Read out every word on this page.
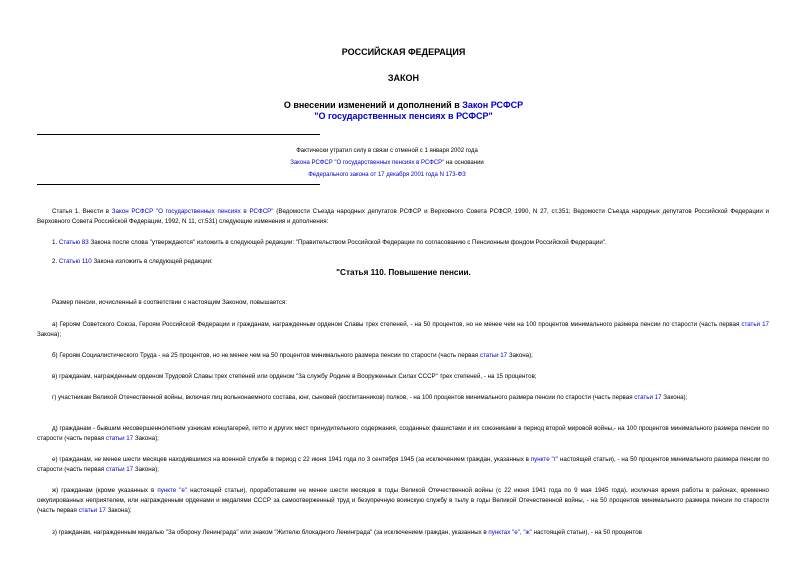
РОССИЙСКАЯ ФЕДЕРАЦИЯ
ЗАКОН
О внесении изменений и дополнений в Закон РСФСР
"О государственных пенсиях в РСФСР"
Фактически утратил силу в связи с отменой с 1 января 2002 года
Закона РСФСР "О государственных пенсиях в РСФСР" на основании
Федерального закона от 17 декабря 2001 года N 173-ФЗ
Статья 1. Внести в Закон РСФСР "О государственных пенсиях в РСФСР" (Ведомости Съезда народных депутатов РСФСР и Верховного Совета РСФСР, 1990, N 27, ст.351; Ведомости Съезда народных депутатов Российской Федерации и Верховного Совета Российской Федерации, 1992, N 11, ст.531) следующие изменения и дополнения:
1. Статью 83 Закона после слова "утверждаются" изложить в следующей редакции: "Правительством Российской Федерации по согласованию с Пенсионным фондом Российской Федерации".
2. Статью 110 Закона изложить в следующей редакции:
"Статья 110. Повышение пенсии.
Размер пенсии, исчисленный в соответствии с настоящим Законом, повышается:
а) Героям Советского Союза, Героям Российской Федерации и гражданам, награжденным орденом Славы трех степеней, - на 50 процентов, но не менее чем на 100 процентов минимального размера пенсии по старости (часть первая статьи 17 Закона);
б) Героям Социалистического Труда - на 25 процентов, но не менее чем на 50 процентов минимального размера пенсии по старости (часть первая статьи 17 Закона);
в) гражданам, награжденным орденом Трудовой Славы трех степеней или орденом "За службу Родине в Вооруженных Силах СССР" трех степеней, - на 15 процентов;
г) участникам Великой Отечественной войны, включая лиц вольнонаемного состава, юнг, сыновей (воспитанников) полков, - на 100 процентов минимального размера пенсии по старости (часть первая статьи 17 Закона);
д) гражданам - бывшим несовершеннолетним узникам концлагерей, гетто и других мест принудительного содержания, созданных фашистами и их союзниками в период второй мировой войны,- на 100 процентов минимального размера пенсии по старости (часть первая статьи 17 Закона);
е) гражданам, не менее шести месяцев находившимся на военной службе в период с 22 июня 1941 года по 3 сентября 1945 (за исключением граждан, указанных в пункте "г" настоящей статьи), - на 50 процентов минимального размера пенсии по старости (часть первая статьи 17 Закона);
ж) гражданам (кроме указанных в пункте "е" настоящей статьи), проработавшим не менее шести месяцев в годы Великой Отечественной войны (с 22 июня 1941 года по 9 мая 1945 года), исключая время работы в районах, временно оккупированных неприятелем, или награжденным орденами и медалями СССР за самоотверженный труд и безупречную воинскую службу в тылу в годы Великой Отечественной войны, - на 50 процентов минимального размера пенсии по старости (часть первая статьи 17 Закона);
з) гражданам, награжденным медалью "За оборону Ленинграда" или знаком "Жителю блокадного Ленинграда" (за исключением граждан, указанных в пунктах "е", "ж" настоящей статьи), - на 50 процентов
